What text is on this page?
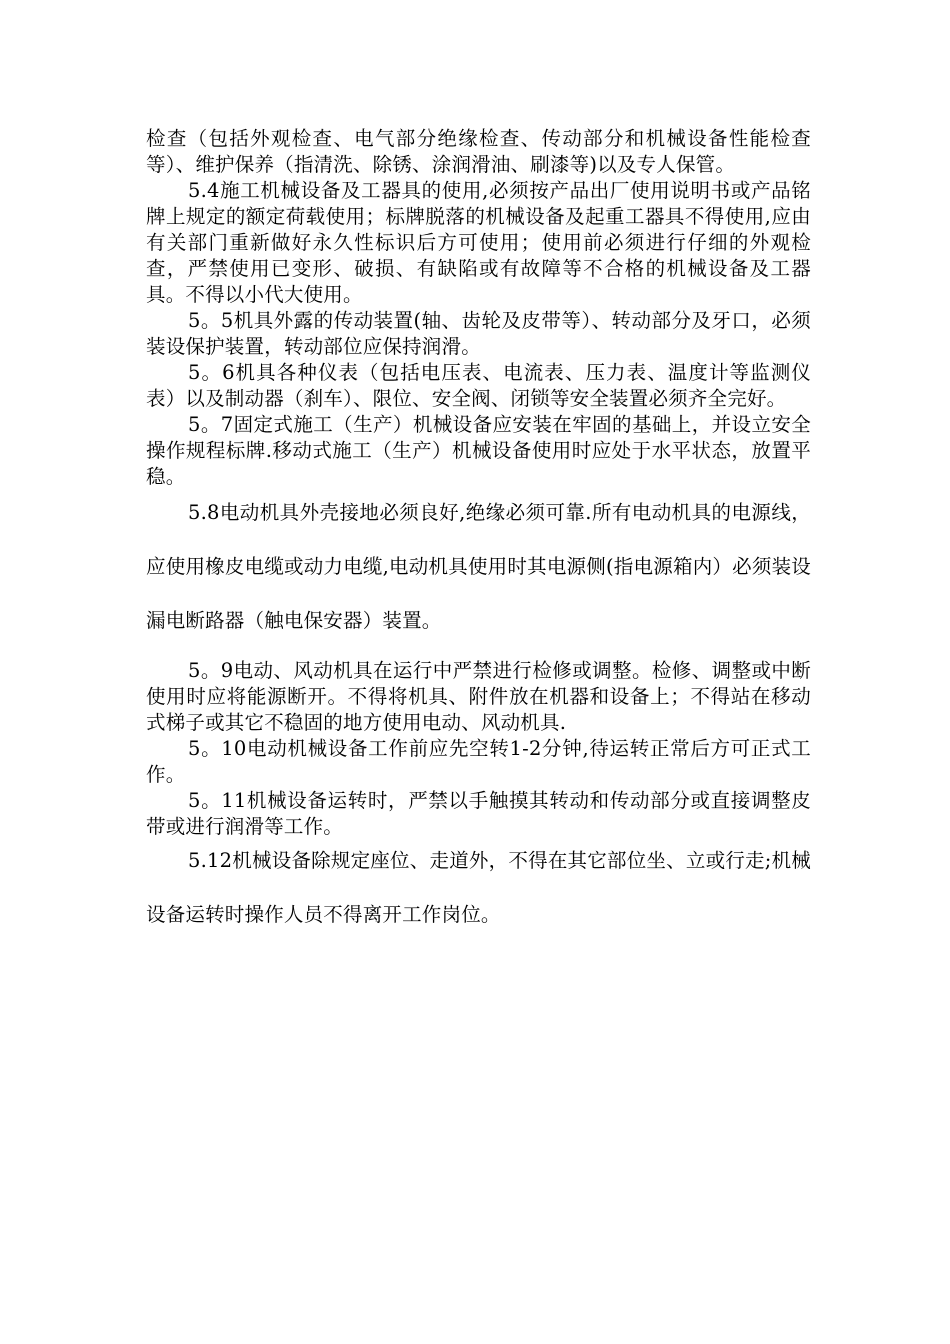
检查（包括外观检查、电气部分绝缘检查、传动部分和机械设备性能检查等）、维护保养（指清洗、除锈、涂润滑油、刷漆等)以及专人保管。

5.4施工机械设备及工器具的使用,必须按产品出厂使用说明书或产品铭牌上规定的额定荷载使用；标牌脱落的机械设备及起重工器具不得使用,应由有关部门重新做好永久性标识后方可使用；使用前必须进行仔细的外观检查，严禁使用已变形、破损、有缺陷或有故障等不合格的机械设备及工器具。不得以小代大使用。

5。5机具外露的传动装置(轴、齿轮及皮带等）、转动部分及牙口，必须装设保护装置，转动部位应保持润滑。

5。6机具各种仪表（包括电压表、电流表、压力表、温度计等监测仪表）以及制动器（刹车）、限位、安全阀、闭锁等安全装置必须齐全完好。

5。7固定式施工（生产）机械设备应安装在牢固的基础上，并设立安全操作规程标牌.移动式施工（生产）机械设备使用时应处于水平状态，放置平稳。

5.8电动机具外壳接地必须良好,绝缘必须可靠.所有电动机具的电源线，应使用橡皮电缆或动力电缆,电动机具使用时其电源侧(指电源箱内）必须装设漏电断路器（触电保安器）装置。

5。9电动、风动机具在运行中严禁进行检修或调整。检修、调整或中断使用时应将能源断开。不得将机具、附件放在机器和设备上；不得站在移动式梯子或其它不稳固的地方使用电动、风动机具.

5。10电动机械设备工作前应先空转1-2分钟,待运转正常后方可正式工作。

5。11机械设备运转时，严禁以手触摸其转动和传动部分或直接调整皮带或进行润滑等工作。

5.12机械设备除规定座位、走道外，不得在其它部位坐、立或行走;机械设备运转时操作人员不得离开工作岗位。
